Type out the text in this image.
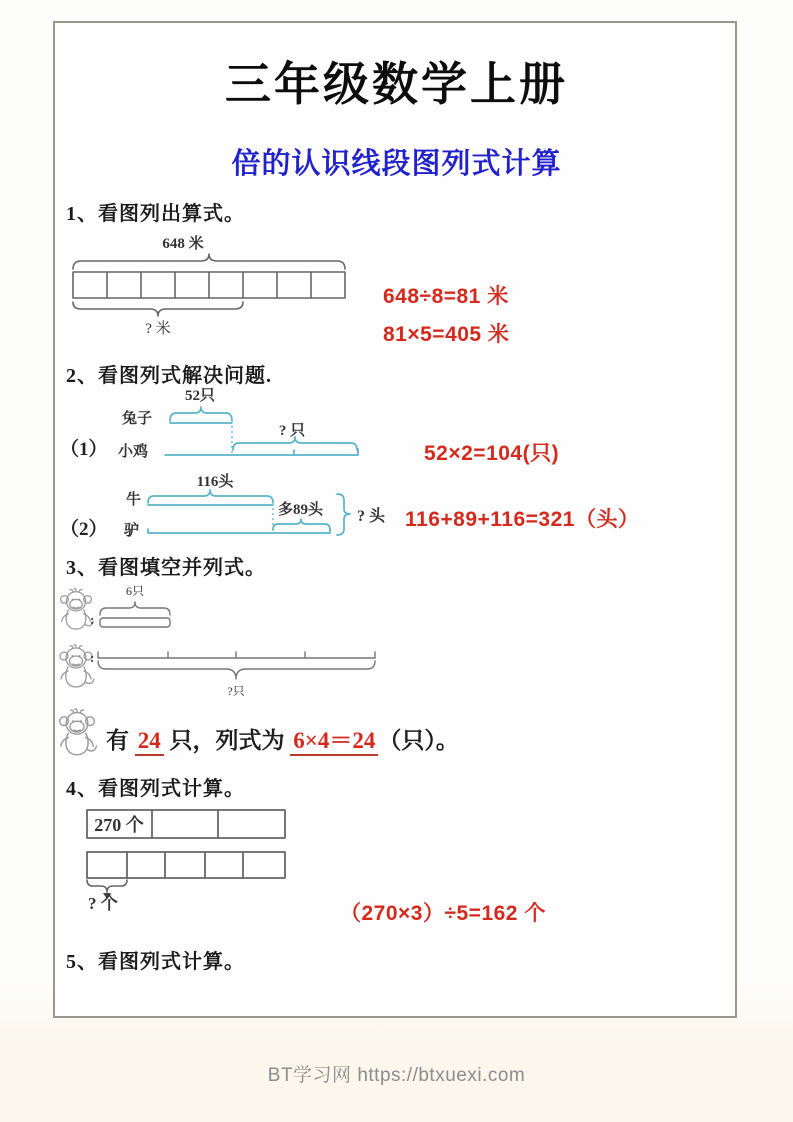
三年级数学上册
倍的认识线段图列式计算
1、看图列出算式。
648 米
? 米
648÷8=81 米
81×5=405 米
2、看图列式解决问题.
（1）
52只
兔子
? 只
小鸡	52×2=104(只)
（2）
116头
牛
多89头
驴
? 头 116+89+116=321（头）
3、看图填空并列式。
:
6只
:
?只
有 24 只，列式为 6×4＝24 （只）。
4、看图列式计算。
270 个
? 个	（270×3）÷5=162 个
5、看图列式计算。
BT学习网 https://btxuexi.com
